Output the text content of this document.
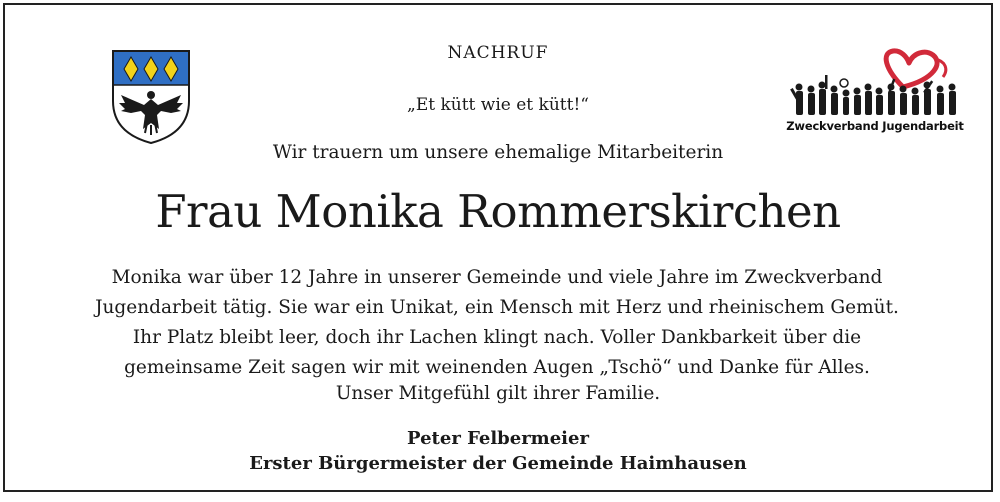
Zweckverband Jugendarbeit
NACHRUF
„Et kütt wie et kütt!“
Wir trauern um unsere ehemalige Mitarbeiterin
Frau Monika Rommerskirchen

Monika war über 12 Jahre in unserer Gemeinde und viele Jahre im Zweckverband

Jugendarbeit tätig. Sie war ein Unikat, ein Mensch mit Herz und rheinischem Gemüt.

Ihr Platz bleibt leer, doch ihr Lachen klingt nach. Voller Dankbarkeit über die

gemeinsame Zeit sagen wir mit weinenden Augen „Tschö“ und Danke für Alles.

Unser Mitgefühl gilt ihrer Familie.
Peter Felbermeier
Erster Bürgermeister der Gemeinde Haimhausen
